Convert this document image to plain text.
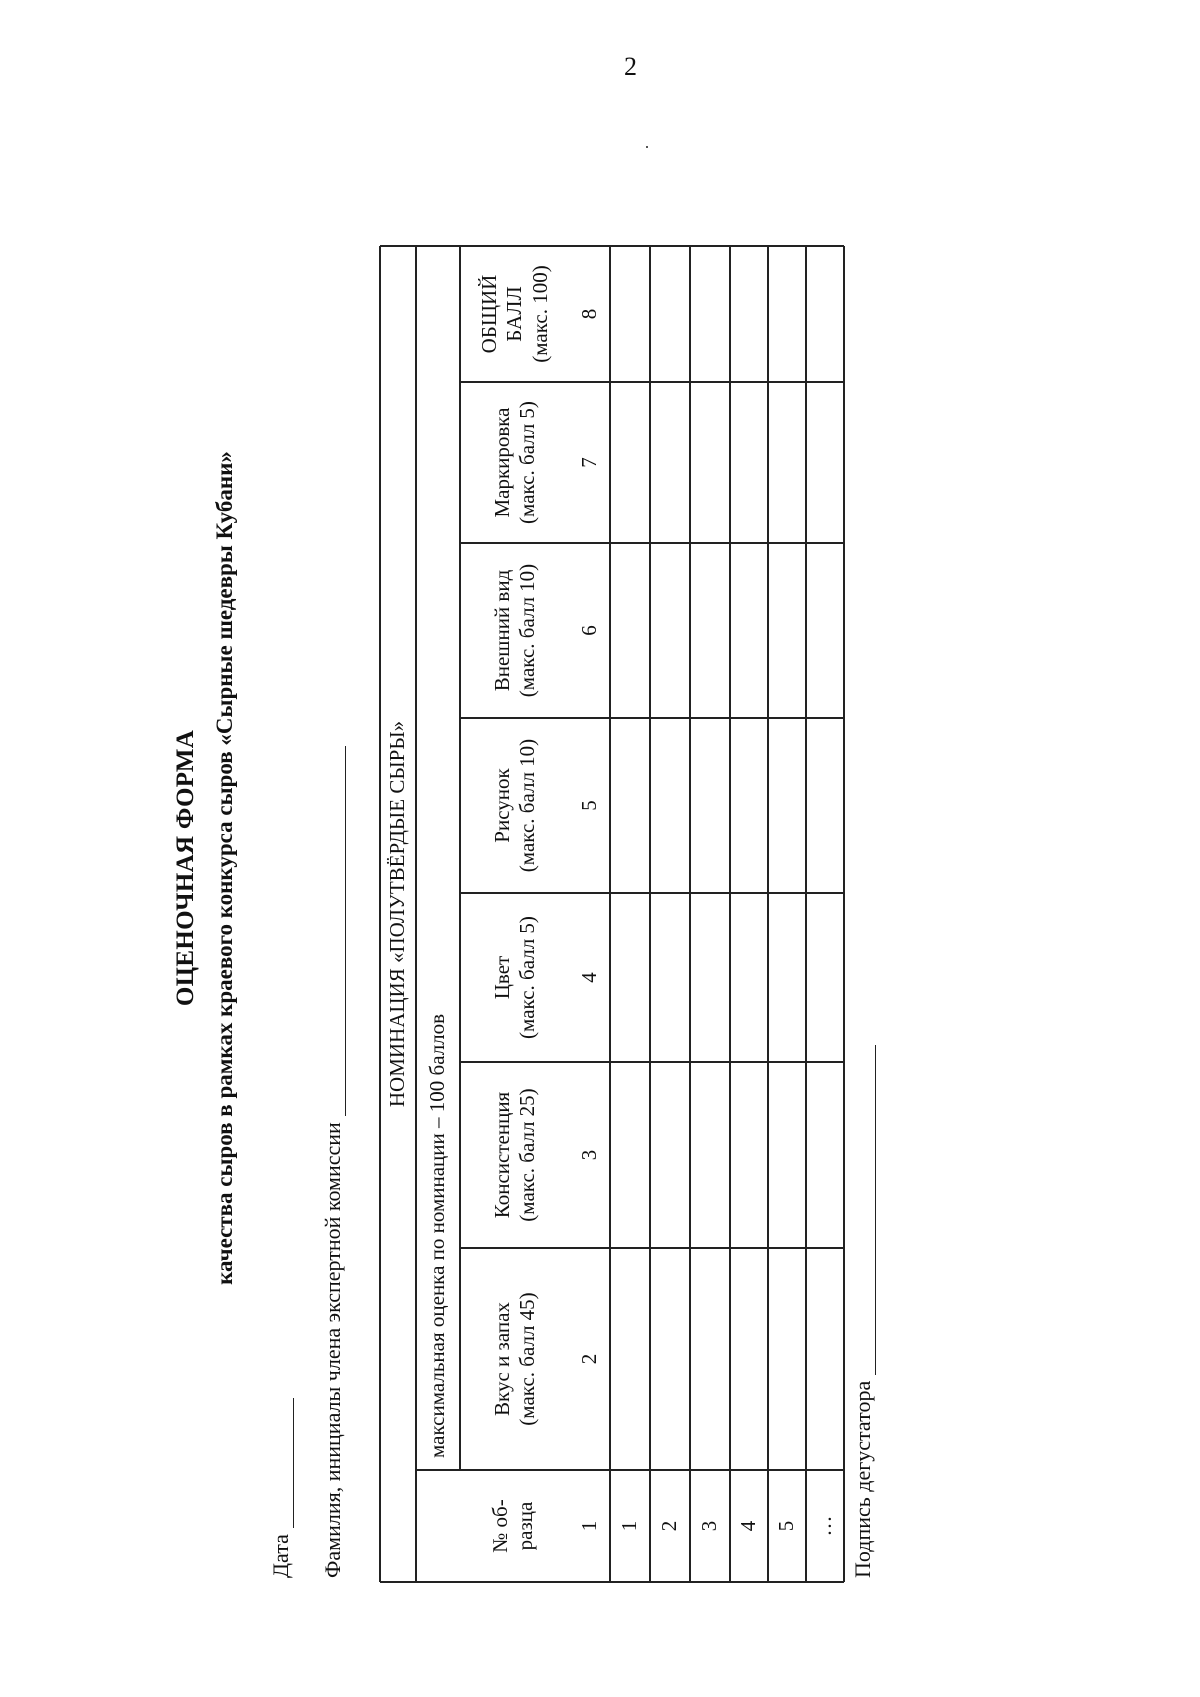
2
ОЦЕНОЧНАЯ ФОРМА качества сыров в рамках краевого конкурса сыров «Сырные шедевры Кубани»
Дата Фамилия, инициалы члена экспертной комиссии	Подпись дегустатора
НОМИНАЦИЯ «ПОЛУТВЁРДЫЕ СЫРЫ»
максимальная оценка по номинации – 100 баллов
№ об-
разца
Вкус и запах
(макс. балл 45)
2
Консистенция
(макс. балл 25)
3
Цвет
(макс. балл 5)
4
Рисунок
(макс. балл 10)
5
Внешний вид
(макс. балл 10)
6
Маркировка
(макс. балл 5)
7
ОБЩИЙ
БАЛЛ
(макс. 100)
8
1 1 2 3 4 5 …
